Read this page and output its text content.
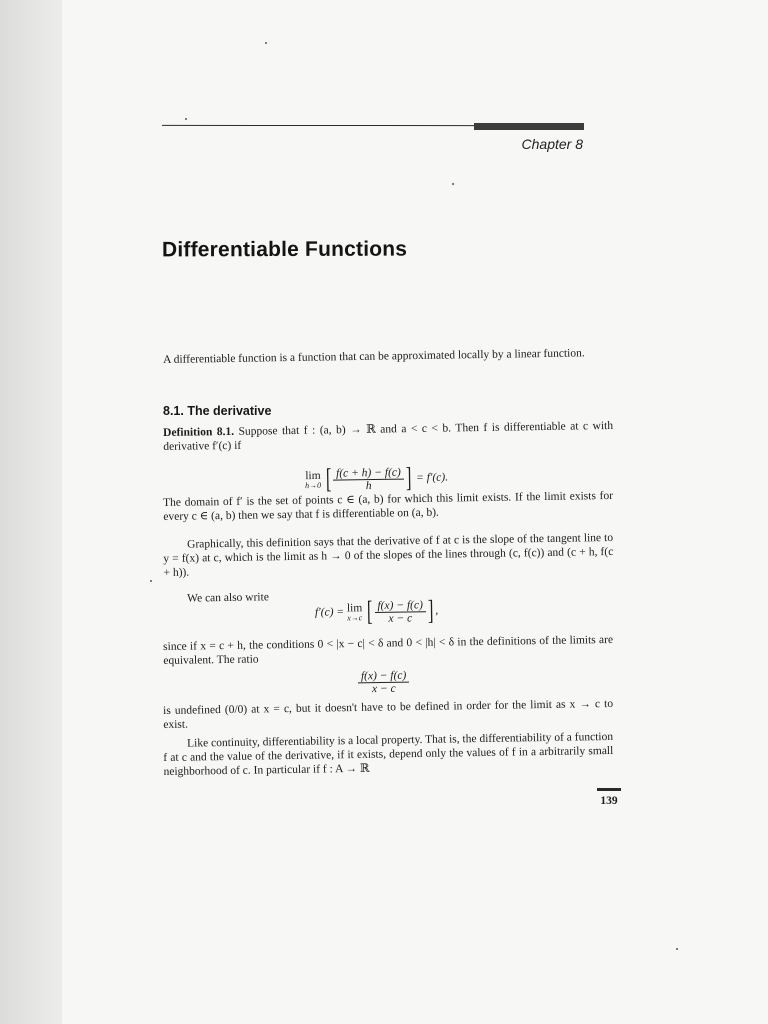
Chapter 8
Differentiable Functions
A differentiable function is a function that can be approximated locally by a linear function.
8.1. The derivative
Definition 8.1. Suppose that f : (a, b) → ℝ and a < c < b. Then f is differentiable at c with derivative f′(c) if
lim
h→0 [ $\frac{f(c + h) - f(c)}{h}$ ] = f′(c).
The domain of f′ is the set of points c ∈ (a, b) for which this limit exists. If the limit exists for every c ∈ (a, b) then we say that f is differentiable on (a, b).
Graphically, this definition says that the derivative of f at c is the slope of the tangent line to y = f(x) at c, which is the limit as h → 0 of the slopes of the lines through (c, f(c)) and (c + h, f(c + h)).
We can also write
f′(c) = lim
x→c [ $\frac{f(x) - f(c)}{x - c}$ ] ,
since if x = c + h, the conditions 0 < |x − c| < δ and 0 < |h| < δ in the definitions of the limits are equivalent. The ratio
$\frac{f(x) - f(c)}{x - c}$
is undefined (0/0) at x = c, but it doesn't have to be defined in order for the limit as x → c to exist.
Like continuity, differentiability is a local property. That is, the differentiability of a function f at c and the value of the derivative, if it exists, depend only the values of f in a arbitrarily small neighborhood of c. In particular if f : A → ℝ
139
